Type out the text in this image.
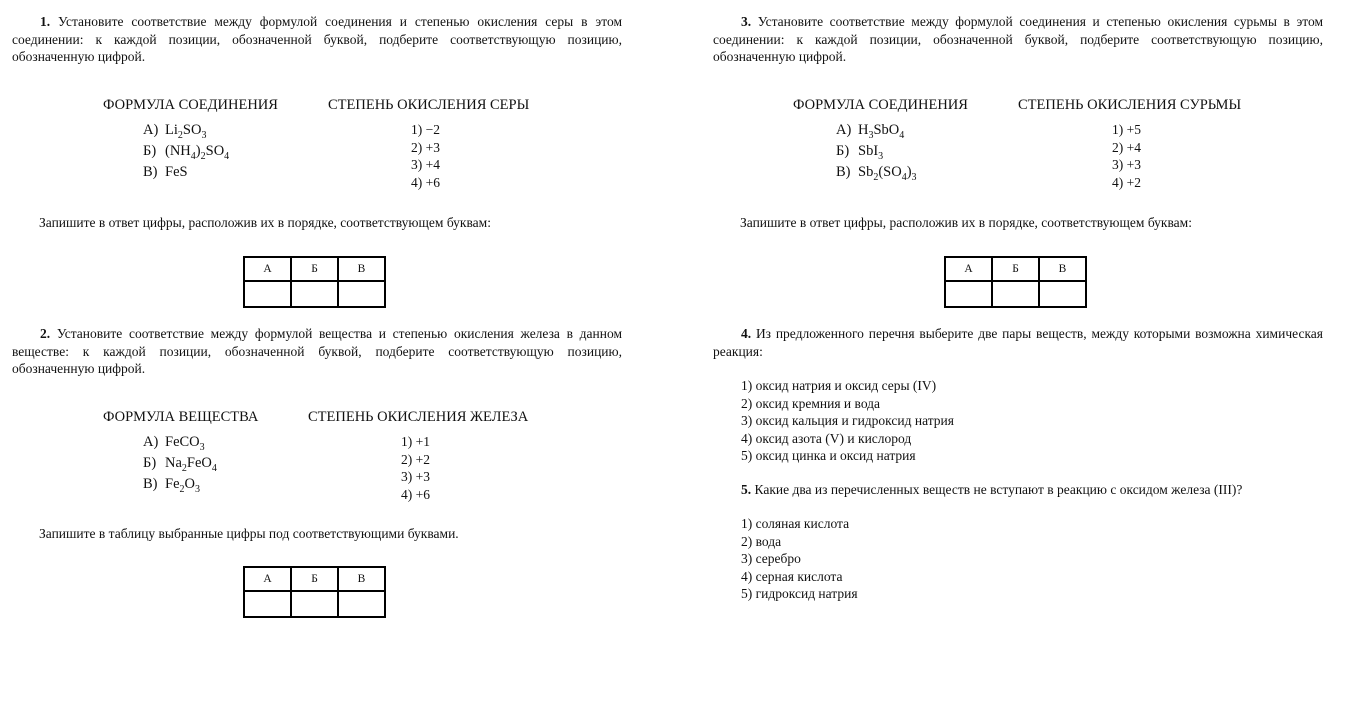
1. Установите соответствие между формулой соединения и степенью окисления серы в этом соединении: к каждой позиции, обозначенной буквой, подберите соответствующую позицию, обозначенную цифрой.
ФОРМУЛА СОЕДИНЕНИЯ	СТЕПЕНЬ ОКИСЛЕНИЯ СЕРЫ
А) $Li_2SO_3$
Б) $(NH_4)_2SO_4$
В) FeS
1) −2
2) +3
3) +4
4) +6
Запишите в ответ цифры, расположив их в порядке, соответствующем буквам:
А	Б	В

2. Установите соответствие между формулой вещества и степенью окисления железа в данном веществе: к каждой позиции, обозначенной буквой, подберите соответствующую позицию, обозначенную цифрой.
ФОРМУЛА ВЕЩЕСТВА	СТЕПЕНЬ ОКИСЛЕНИЯ ЖЕЛЕЗА
А) FeCO$_3$
Б) $Na_2FeO_4$
В) $Fe_2O_3$
1) +1
2) +2
3) +3
4) +6
Запишите в таблицу выбранные цифры под соответствующими буквами.
А	Б	В

3. Установите соответствие между формулой соединения и степенью окисления сурьмы в этом соединении: к каждой позиции, обозначенной буквой, подберите соответствующую позицию, обозначенную цифрой.
ФОРМУЛА СОЕДИНЕНИЯ	СТЕПЕНЬ ОКИСЛЕНИЯ СУРЬМЫ
А) $H_3SbO_4$
Б) SbI$_3$
В) $Sb_2(SO_4)_3$
1) +5
2) +4
3) +3
4) +2
Запишите в ответ цифры, расположив их в порядке, соответствующем буквам:
А	Б	В

4. Из предложенного перечня выберите две пары веществ, между которыми возможна химическая реакция:
1) оксид натрия и оксид серы (IV)
2) оксид кремния и вода
3) оксид кальция и гидроксид натрия
4) оксид азота (V) и кислород
5) оксид цинка и оксид натрия
5. Какие два из перечисленных веществ не вступают в реакцию с оксидом железа (III)?
1) соляная кислота
2) вода
3) серебро
4) серная кислота
5) гидроксид натрия
